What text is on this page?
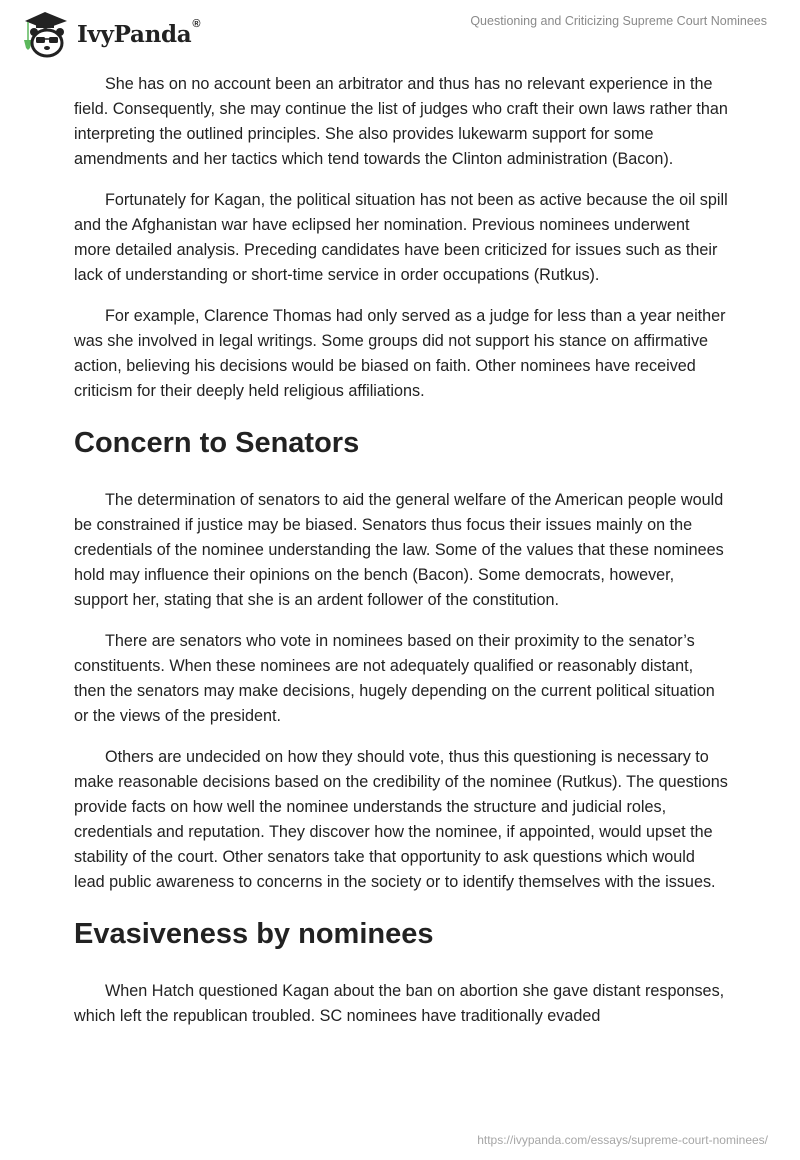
IvyPanda ®	Questioning and Criticizing Supreme Court Nominees

She has on no account been an arbitrator and thus has no relevant experience in the field. Consequently, she may continue the list of judges who craft their own laws rather than interpreting the outlined principles. She also provides lukewarm support for some amendments and her tactics which tend towards the Clinton administration (Bacon).

Fortunately for Kagan, the political situation has not been as active because the oil spill and the Afghanistan war have eclipsed her nomination. Previous nominees underwent more detailed analysis. Preceding candidates have been criticized for issues such as their lack of understanding or short-time service in order occupations (Rutkus).

For example, Clarence Thomas had only served as a judge for less than a year neither was she involved in legal writings. Some groups did not support his stance on affirmative action, believing his decisions would be biased on faith. Other nominees have received criticism for their deeply held religious affiliations.

Concern to Senators

The determination of senators to aid the general welfare of the American people would be constrained if justice may be biased. Senators thus focus their issues mainly on the credentials of the nominee understanding the law. Some of the values that these nominees hold may influence their opinions on the bench (Bacon). Some democrats, however, support her, stating that she is an ardent follower of the constitution.

There are senators who vote in nominees based on their proximity to the senator’s constituents. When these nominees are not adequately qualified or reasonably distant, then the senators may make decisions, hugely depending on the current political situation or the views of the president.

Others are undecided on how they should vote, thus this questioning is necessary to make reasonable decisions based on the credibility of the nominee (Rutkus). The questions provide facts on how well the nominee understands the structure and judicial roles, credentials and reputation. They discover how the nominee, if appointed, would upset the stability of the court. Other senators take that opportunity to ask questions which would lead public awareness to concerns in the society or to identify themselves with the issues.

Evasiveness by nominees

When Hatch questioned Kagan about the ban on abortion she gave distant responses, which left the republican troubled. SC nominees have traditionally evaded

https://ivypanda.com/essays/supreme-court-nominees/
